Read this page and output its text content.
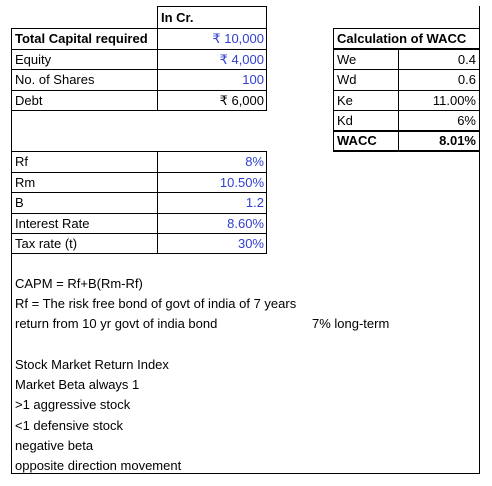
In Cr.
Total Capital required	₹ 10,000
Equity	₹ 4,000
No. of Shares	100
Debt	₹ 6,000
Calculation of WACC
We	0.4
Wd	0.6
Ke	11.00%
Kd	6%
WACC	8.01%
Rf	8%
Rm	10.50%
B	1.2
Interest Rate	8.60%
Tax rate (t)	30%
CAPM = Rf+B(Rm-Rf)
Rf = The risk free bond of govt of india of 7 years
return from 10 yr govt of india bond	7% long-term
Stock Market Return Index
Market Beta always 1
>1 aggressive stock
<1 defensive stock
negative beta
opposite direction movement
